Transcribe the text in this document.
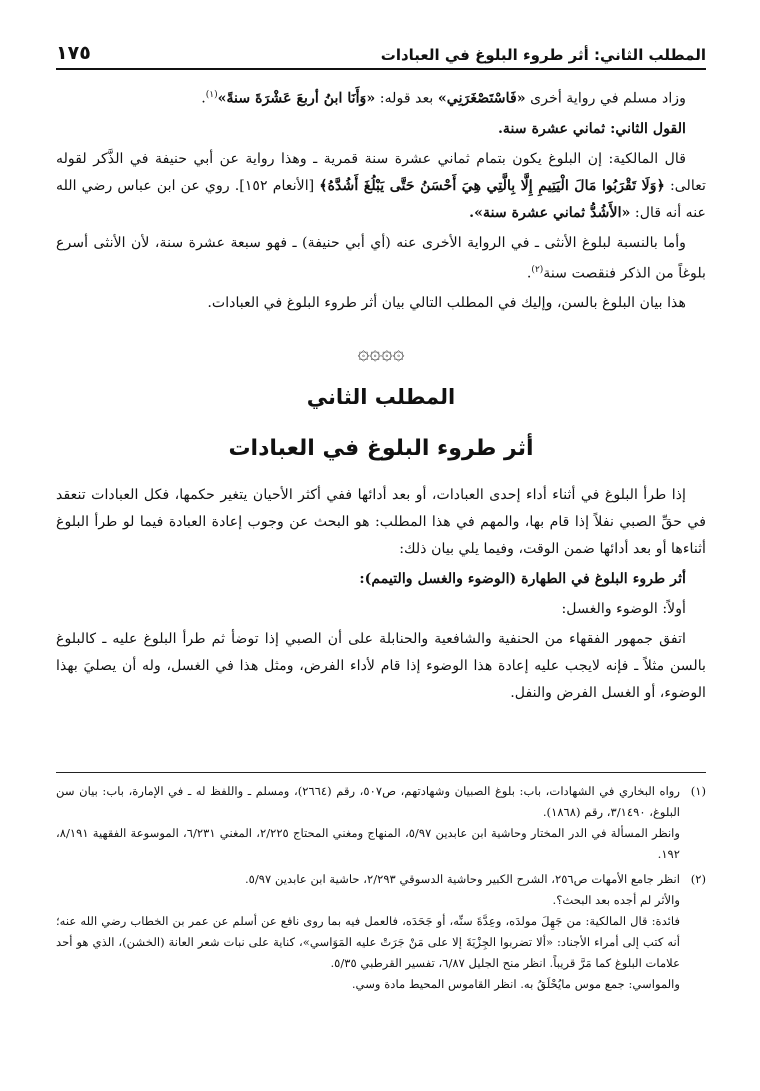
المطلب الثاني: أثر طروء البلوغ في العبادات
١٧٥

وزاد مسلم في رواية أخرى «فَاسْتَصْغَرَنِي» بعد قوله: «وَأَنَا ابنُ أربعَ عَشْرَةَ سنةً»$^{(١)}$.

القول الثاني: ثماني عشرة سنة.

قال المالكية: إن البلوغ يكون بتمام ثماني عشرة سنة قمرية ـ وهذا رواية عن أبي حنيفة في الذَّكر لقوله تعالى: ﴿وَلَا تَقْرَبُوا مَالَ الْيَتِيمِ إِلَّا بِالَّتِي هِيَ أَحْسَنُ حَتَّى يَبْلُغَ أَشُدَّهُ﴾ [الأنعام ١٥٢]. روي عن ابن عباس رضي الله عنه أنه قال: «الأَشُدُّ ثماني عشرة سنة».

وأما بالنسبة لبلوغ الأنثى ـ في الرواية الأخرى عنه (أي أبي حنيفة) ـ فهو سبعة عشرة سنة، لأن الأنثى أسرع بلوغاً من الذكر فنقصت سنة$^{(٢)}$.

هذا بيان البلوغ بالسن، وإليك في المطلب التالي بيان أثر طروء البلوغ في العبادات.

۞۞۞۞
المطلب الثاني
أثر طروء البلوغ في العبادات

إذا طرأ البلوغ في أثناء أداء إحدى العبادات، أو بعد أدائها ففي أكثر الأحيان يتغير حكمها، فكل العبادات تنعقد في حقِّ الصبي نفلاً إذا قام بها، والمهم في هذا المطلب: هو البحث عن وجوب إعادة العبادة فيما لو طرأ البلوغ أثناءها أو بعد أدائها ضمن الوقت، وفيما يلي بيان ذلك:

أثر طروء البلوغ في الطهارة (الوضوء والغسل والتيمم):

أولاً: الوضوء والغسل:

اتفق جمهور الفقهاء من الحنفية والشافعية والحنابلة على أن الصبي إذا توضأ ثم طرأ البلوغ عليه ـ كالبلوغ بالسن مثلاً ـ فإنه لايجب عليه إعادة هذا الوضوء إذا قام لأداء الفرض، ومثل هذا في الغسل، وله أن يصليَ بهذا الوضوء، أو الغسل الفرض والنفل.

(١)

رواه البخاري في الشهادات، باب: بلوغ الصبيان وشهادتهم، ص٥٠٧، رقم (٢٦٦٤)، ومسلم ـ واللفظ له ـ في الإمارة، باب: بيان سن البلوغ، ٣/١٤٩٠، رقم (١٨٦٨).

وانظر المسألة في الدر المختار وحاشية ابن عابدين ٥/٩٧، المنهاج ومغني المحتاج ٢/٢٢٥، المغني ٦/٢٣١، الموسوعة الفقهية ٨/١٩١، ١٩٢.

(٢)

انظر جامع الأمهات ص٢٥٦، الشرح الكبير وحاشية الدسوقي ٢/٢٩٣، حاشية ابن عابدين ٥/٩٧.

والأثر لم أجده بعد البحث؟.

فائدة: قال المالكية: من جَهِلَ مولدَه، وعِدَّةَ سنِّه، أو جَحَدَه، فالعمل فيه بما روى نافع عن أسلم عن عمر بن الخطاب رضي الله عنه؛ أنه كتب إلى أمراء الأجناد: «ألا تضربوا الجِزْيَةَ إلا على مَنْ جَرَتْ عليه المَوَاسي»، كناية على نبات شعر العانة (الخشن)، الذي هو أحد علامات البلوغ كما مَرَّ قريباً. انظر منح الجليل ٦/٨٧، تفسير القرطبي ٥/٣٥.

والمواسي: جمع موس مايُحْلَقُ به. انظر القاموس المحيط مادة وسي.
